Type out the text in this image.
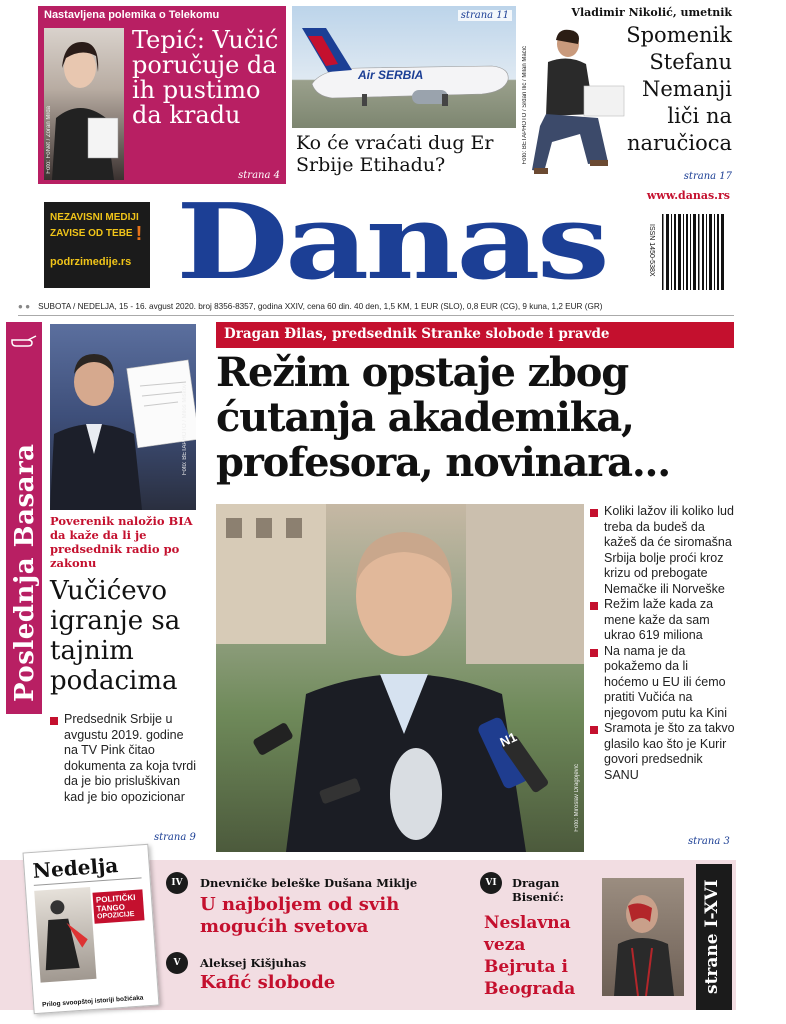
Nastavljena polemika o Telekomu
Foto: FoNet / Zoran Mrđa
Tepić: Vučić poručuje da ih pustimo da kradu
strana 4
Air SERBIA
strana 11
Ko će vraćati dug Er Srbije Etihadu?
Vladimir Nikolić, umetnik
Foto: BETAPHOTO / Srđan Ilić / Milan Maćić
Spomenik Stefanu Nemanji liči na naručioca
strana 17
NEZAVISNI MEDIJI
ZAVISE OD TEBE !
podrzimedije.rs Danas	www.danas.rs
ISSN 1450-538X
● ● SUBOTA / NEDELJA, 15 - 16. avgust 2020. broj 8356-8357, godina XXIV, cena 60 din. 40 den, 1,5 KM, 1 EUR (SLO), 0,8 EUR (CG), 9 kuna, 1,2 EUR (GR)
Poslednja Basara
Foto: BETAPHOTO / Miloš Miškov
Poverenik naložio BIA da kaže da li je predsednik radio po zakonu
Vučićevo igranje sa tajnim podacima
Predsednik Srbije u avgustu 2019. godine na TV Pink čitao dokumenta za koja tvrdi da je bio prisluškivan kad je bio opozicionar
strana 9
Dragan Đilas, predsednik Stranke slobode i pravde
Režim opstaje zbog ćutanja akademika, profesora, novinara...
N1
Foto: Miroslav Dragojević
Koliki lažov ili koliko lud treba da budeš da kažeš da će siromašna Srbija bolje proći kroz krizu od prebogate Nemačke ili Norveške
Režim laže kada za mene kaže da sam ukrao 619 miliona
Na nama je da pokažemo da li hoćemo u EU ili ćemo pratiti Vučića na njegovom putu ka Kini
Sramota je što za takvo glasilo kao što je Kurir govori predsednik SANU
strana 3
Nedelja
POLITIČKI
TANGO
OPOZICIJE
Prilog svoopštoj istoriji božićaka
IV	Dnevničke beleške Dušana Mikljе
U najboljem od svih mogućih svetova
V	Aleksej Kišjuhas
Kafić slobode
VI	Dragan Bisenić:
Neslavna veza Bejruta i Beograda	strane I-XVI
